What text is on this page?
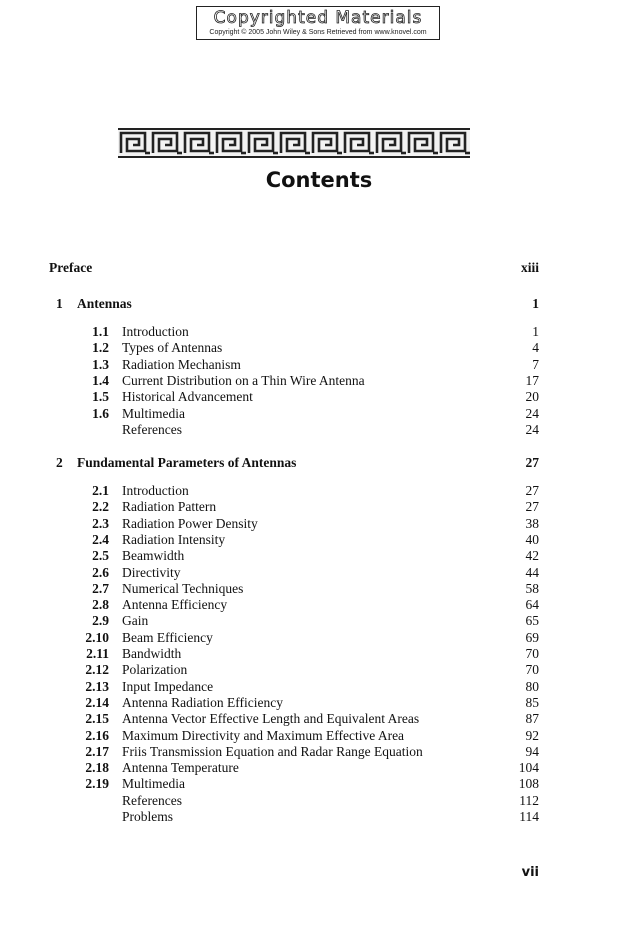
Copyrighted Materials
Copyright © 2005 John Wiley & Sons Retrieved from www.knovel.com
Contents
Preface	xiii
1 Antennas	1
1.1 Introduction	1
1.2 Types of Antennas	4
1.3 Radiation Mechanism	7
1.4 Current Distribution on a Thin Wire Antenna	17
1.5 Historical Advancement	20
1.6 Multimedia	24
References	24
2 Fundamental Parameters of Antennas	27
2.1 Introduction	27
2.2 Radiation Pattern	27
2.3 Radiation Power Density	38
2.4 Radiation Intensity	40
2.5 Beamwidth	42
2.6 Directivity	44
2.7 Numerical Techniques	58
2.8 Antenna Efficiency	64
2.9 Gain	65
2.10 Beam Efficiency	69
2.11 Bandwidth	70
2.12 Polarization	70
2.13 Input Impedance	80
2.14 Antenna Radiation Efficiency	85
2.15 Antenna Vector Effective Length and Equivalent Areas	87
2.16 Maximum Directivity and Maximum Effective Area	92
2.17 Friis Transmission Equation and Radar Range Equation	94
2.18 Antenna Temperature	104
2.19 Multimedia	108
References	112
Problems	114
vii
